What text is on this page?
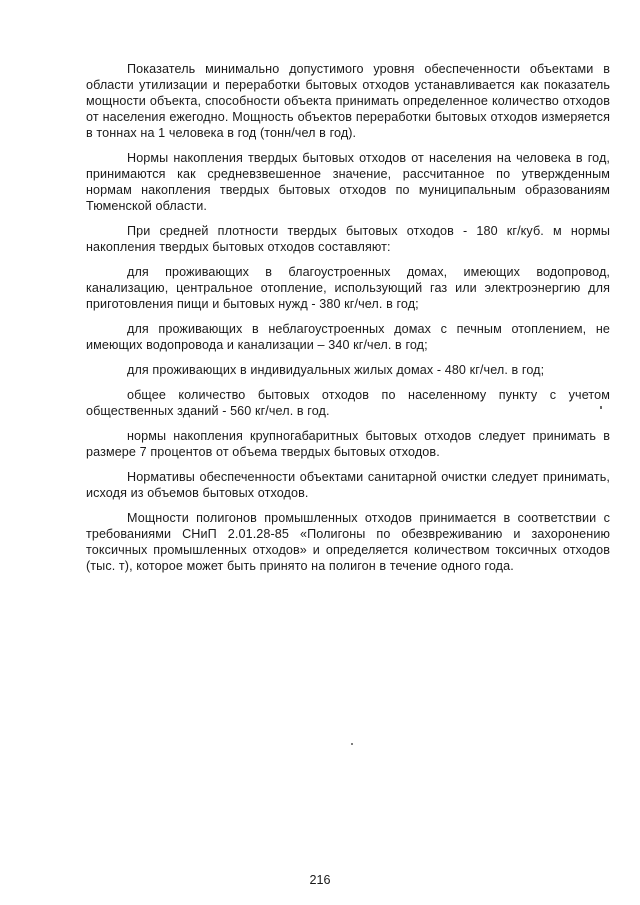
Показатель минимально допустимого уровня обеспеченности объектами в области утилизации и переработки бытовых отходов устанавливается как показатель мощности объекта, способности объекта принимать определенное количество отходов от населения ежегодно. Мощность объектов переработки бытовых отходов измеряется в тоннах на 1 человека в год (тонн/чел в год).

Нормы накопления твердых бытовых отходов от населения на человека в год, принимаются как средневзвешенное значение, рассчитанное по утвержденным нормам накопления твердых бытовых отходов по муниципальным образованиям Тюменской области.

При средней плотности твердых бытовых отходов - 180 кг/куб. м нормы накопления твердых бытовых отходов составляют:

для проживающих в благоустроенных домах, имеющих водопровод, канализацию, центральное отопление, использующий газ или электроэнергию для приготовления пищи и бытовых нужд - 380 кг/чел. в год;

для проживающих в неблагоустроенных домах с печным отоплением, не имеющих водопровода и канализации – 340 кг/чел. в год;

для проживающих в индивидуальных жилых домах - 480 кг/чел. в год;

общее количество бытовых отходов по населенному пункту с учетом общественных зданий - 560 кг/чел. в год.

нормы накопления крупногабаритных бытовых отходов следует принимать в размере 7 процентов от объема твердых бытовых отходов.

Нормативы обеспеченности объектами санитарной очистки следует принимать, исходя из объемов бытовых отходов.

Мощности полигонов промышленных отходов принимается в соответствии с требованиями СНиП 2.01.28-85 «Полигоны по обезвреживанию и захоронению токсичных промышленных отходов» и определяется количеством токсичных отходов (тыс. т), которое может быть принято на полигон в течение одного года.

216
